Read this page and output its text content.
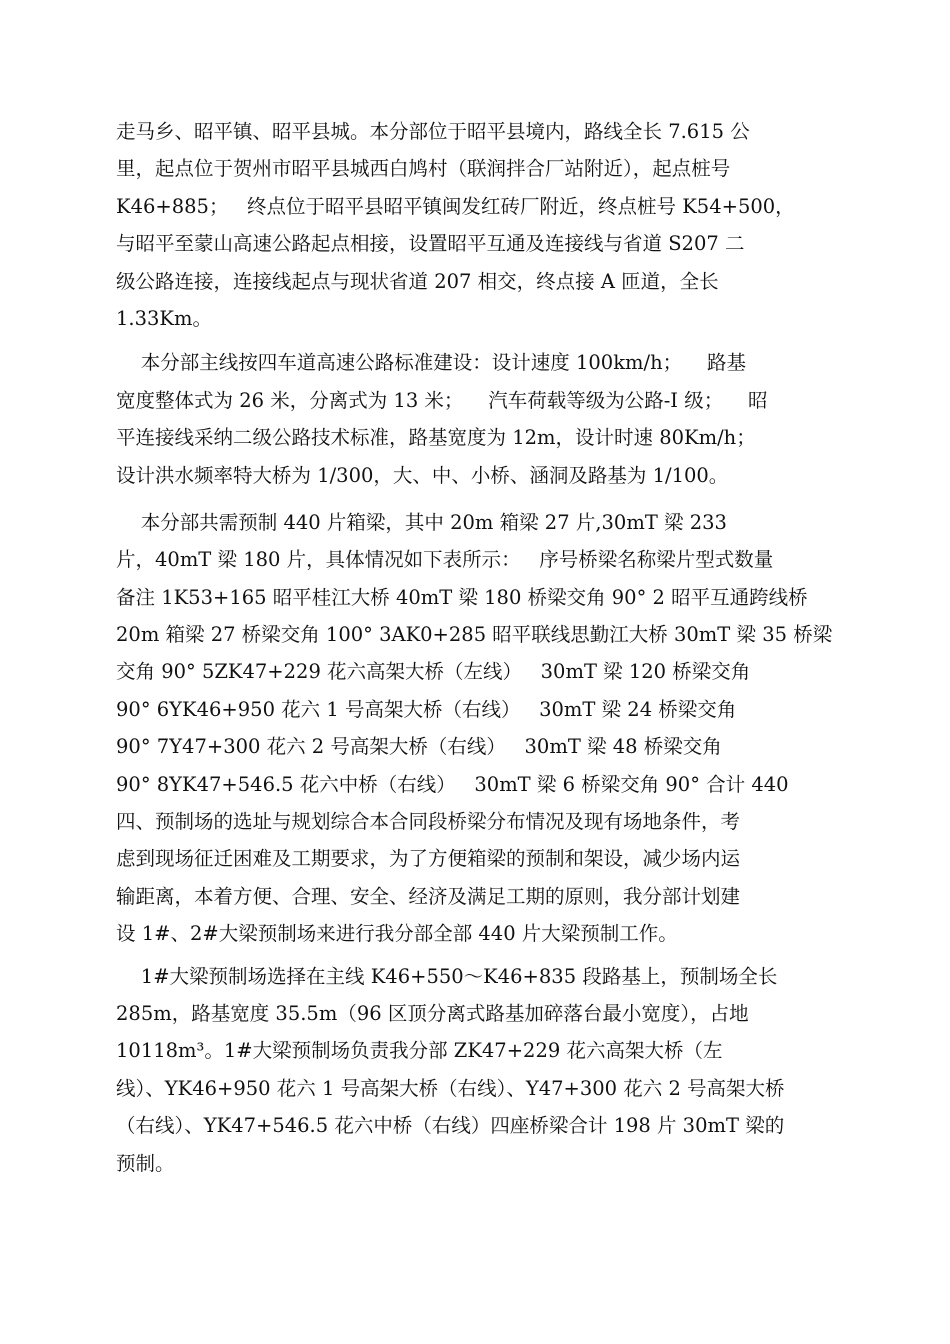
走马乡、昭平镇、昭平县城。本分部位于昭平县境内，路线全长 7.615 公
里，起点位于贺州市昭平县城西白鸠村（联润拌合厂站附近），起点桩号
K46+885；   终点位于昭平县昭平镇闽发红砖厂附近，终点桩号 K54+500，
与昭平至蒙山高速公路起点相接，设置昭平互通及连接线与省道 S207 二
级公路连接，连接线起点与现状省道 207 相交，终点接 A 匝道，全长
1.33Km。
本分部主线按四车道高速公路标准建设：设计速度 100km/h；    路基
宽度整体式为 26 米，分离式为 13 米；    汽车荷载等级为公路-I 级；    昭
平连接线采纳二级公路技术标准，路基宽度为 12m，设计时速 80Km/h；
设计洪水频率特大桥为 1/300，大、中、小桥、涵洞及路基为 1/100。
本分部共需预制 440 片箱梁，其中 20m 箱梁 27 片,30mT 梁 233
片，40mT 梁 180 片，具体情况如下表所示：   序号桥梁名称梁片型式数量
备注 1K53+165 昭平桂江大桥 40mT 梁 180 桥梁交角 90° 2 昭平互通跨线桥
20m 箱梁 27 桥梁交角 100° 3AK0+285 昭平联线思勤江大桥 30mT 梁 35 桥梁
交角 90° 5ZK47+229 花六高架大桥（左线）   30mT 梁 120 桥梁交角
90° 6YK46+950 花六 1 号高架大桥（右线）   30mT 梁 24 桥梁交角
90° 7Y47+300 花六 2 号高架大桥（右线）   30mT 梁 48 桥梁交角
90° 8YK47+546.5 花六中桥（右线）   30mT 梁 6 桥梁交角 90° 合计 440
四、预制场的选址与规划综合本合同段桥梁分布情况及现有场地条件，考
虑到现场征迁困难及工期要求，为了方便箱梁的预制和架设，减少场内运
输距离，本着方便、合理、安全、经济及满足工期的原则，我分部计划建
设 1#、2#大梁预制场来进行我分部全部 440 片大梁预制工作。
1#大梁预制场选择在主线 K46+550～K46+835 段路基上，预制场全长
285m，路基宽度 35.5m（96 区顶分离式路基加碎落台最小宽度），占地
10118m³。1#大梁预制场负责我分部 ZK47+229 花六高架大桥（左
线）、YK46+950 花六 1 号高架大桥（右线）、Y47+300 花六 2 号高架大桥
（右线）、YK47+546.5 花六中桥（右线）四座桥梁合计 198 片 30mT 梁的
预制。
